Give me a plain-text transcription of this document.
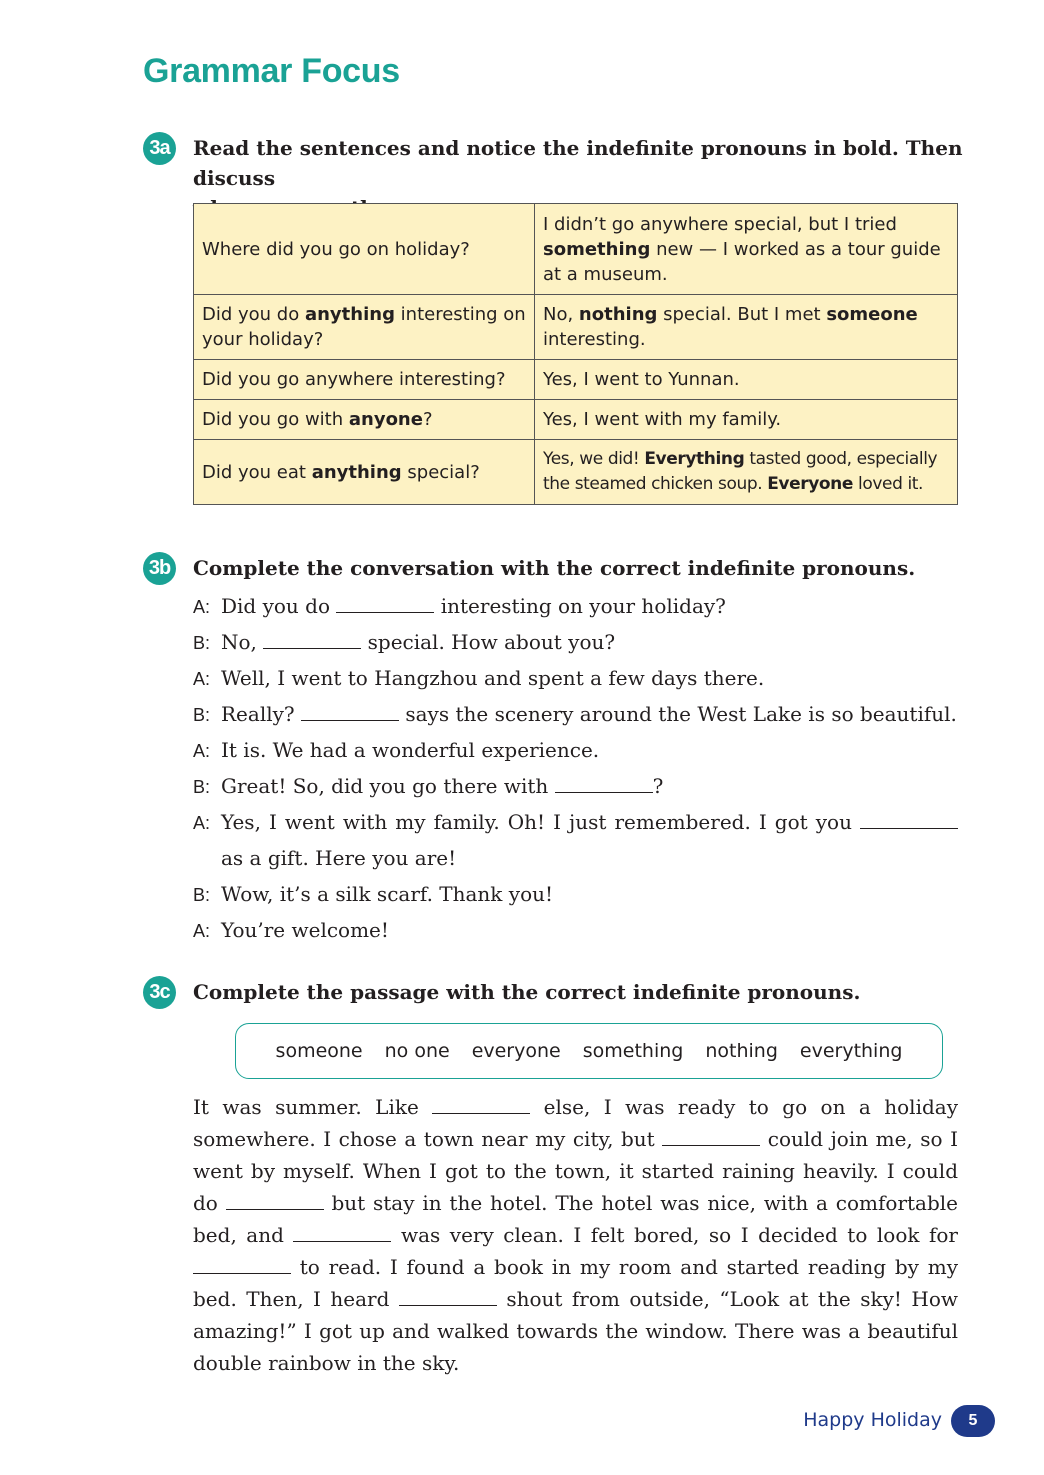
Grammar Focus
3a	Read the sentences and notice the indefinite pronouns in bold. Then discuss
Where did you go on holiday?	I didn’t go anywhere special, but I tried something new — I worked as a tour guide at a museum.
Did you do anything interesting on your holiday?	No, nothing special. But I met someone interesting.
Did you go anywhere interesting?	Yes, I went to Yunnan.
Did you go with anyone?	Yes, I went with my family.
Did you eat anything special?	Yes, we did! Everything tasted good, especially the steamed chicken soup. Everyone loved it.
3b Complete the conversation with the correct indefinite pronouns.
A: Did you do	interesting on your holiday?
B: No,	special. How about you?
A: Well, I went to Hangzhou and spent a few days there.
B: Really?	says the scenery around the West Lake is so beautiful.
A: It is. We had a wonderful experience.
B: Great! So, did you go there with	?
A: Yes, I went with my family. Oh! I just remembered. I got you  as a gift. Here you are!
B: Wow, it’s a silk scarf. Thank you!
A: You’re welcome!
3c	Complete the passage with the correct indefinite pronouns.
someone no one everyone something nothing everything
It was summer. Like	else, I was ready to go on a holiday somewhere. I chose a town near my city, but	could join me, so I went by myself. When I got to the town, it started raining heavily. I could do	but stay in the hotel. The hotel was nice, with a comfortable bed, and	was very clean. I felt bored, so I decided to look for  to read. I found a book in my room and started reading by my bed. Then, I heard	shout from outside, “Look at the sky! How amazing!” I got up and walked towards the window. There was a beautiful double rainbow in the sky.
Happy Holiday	5
